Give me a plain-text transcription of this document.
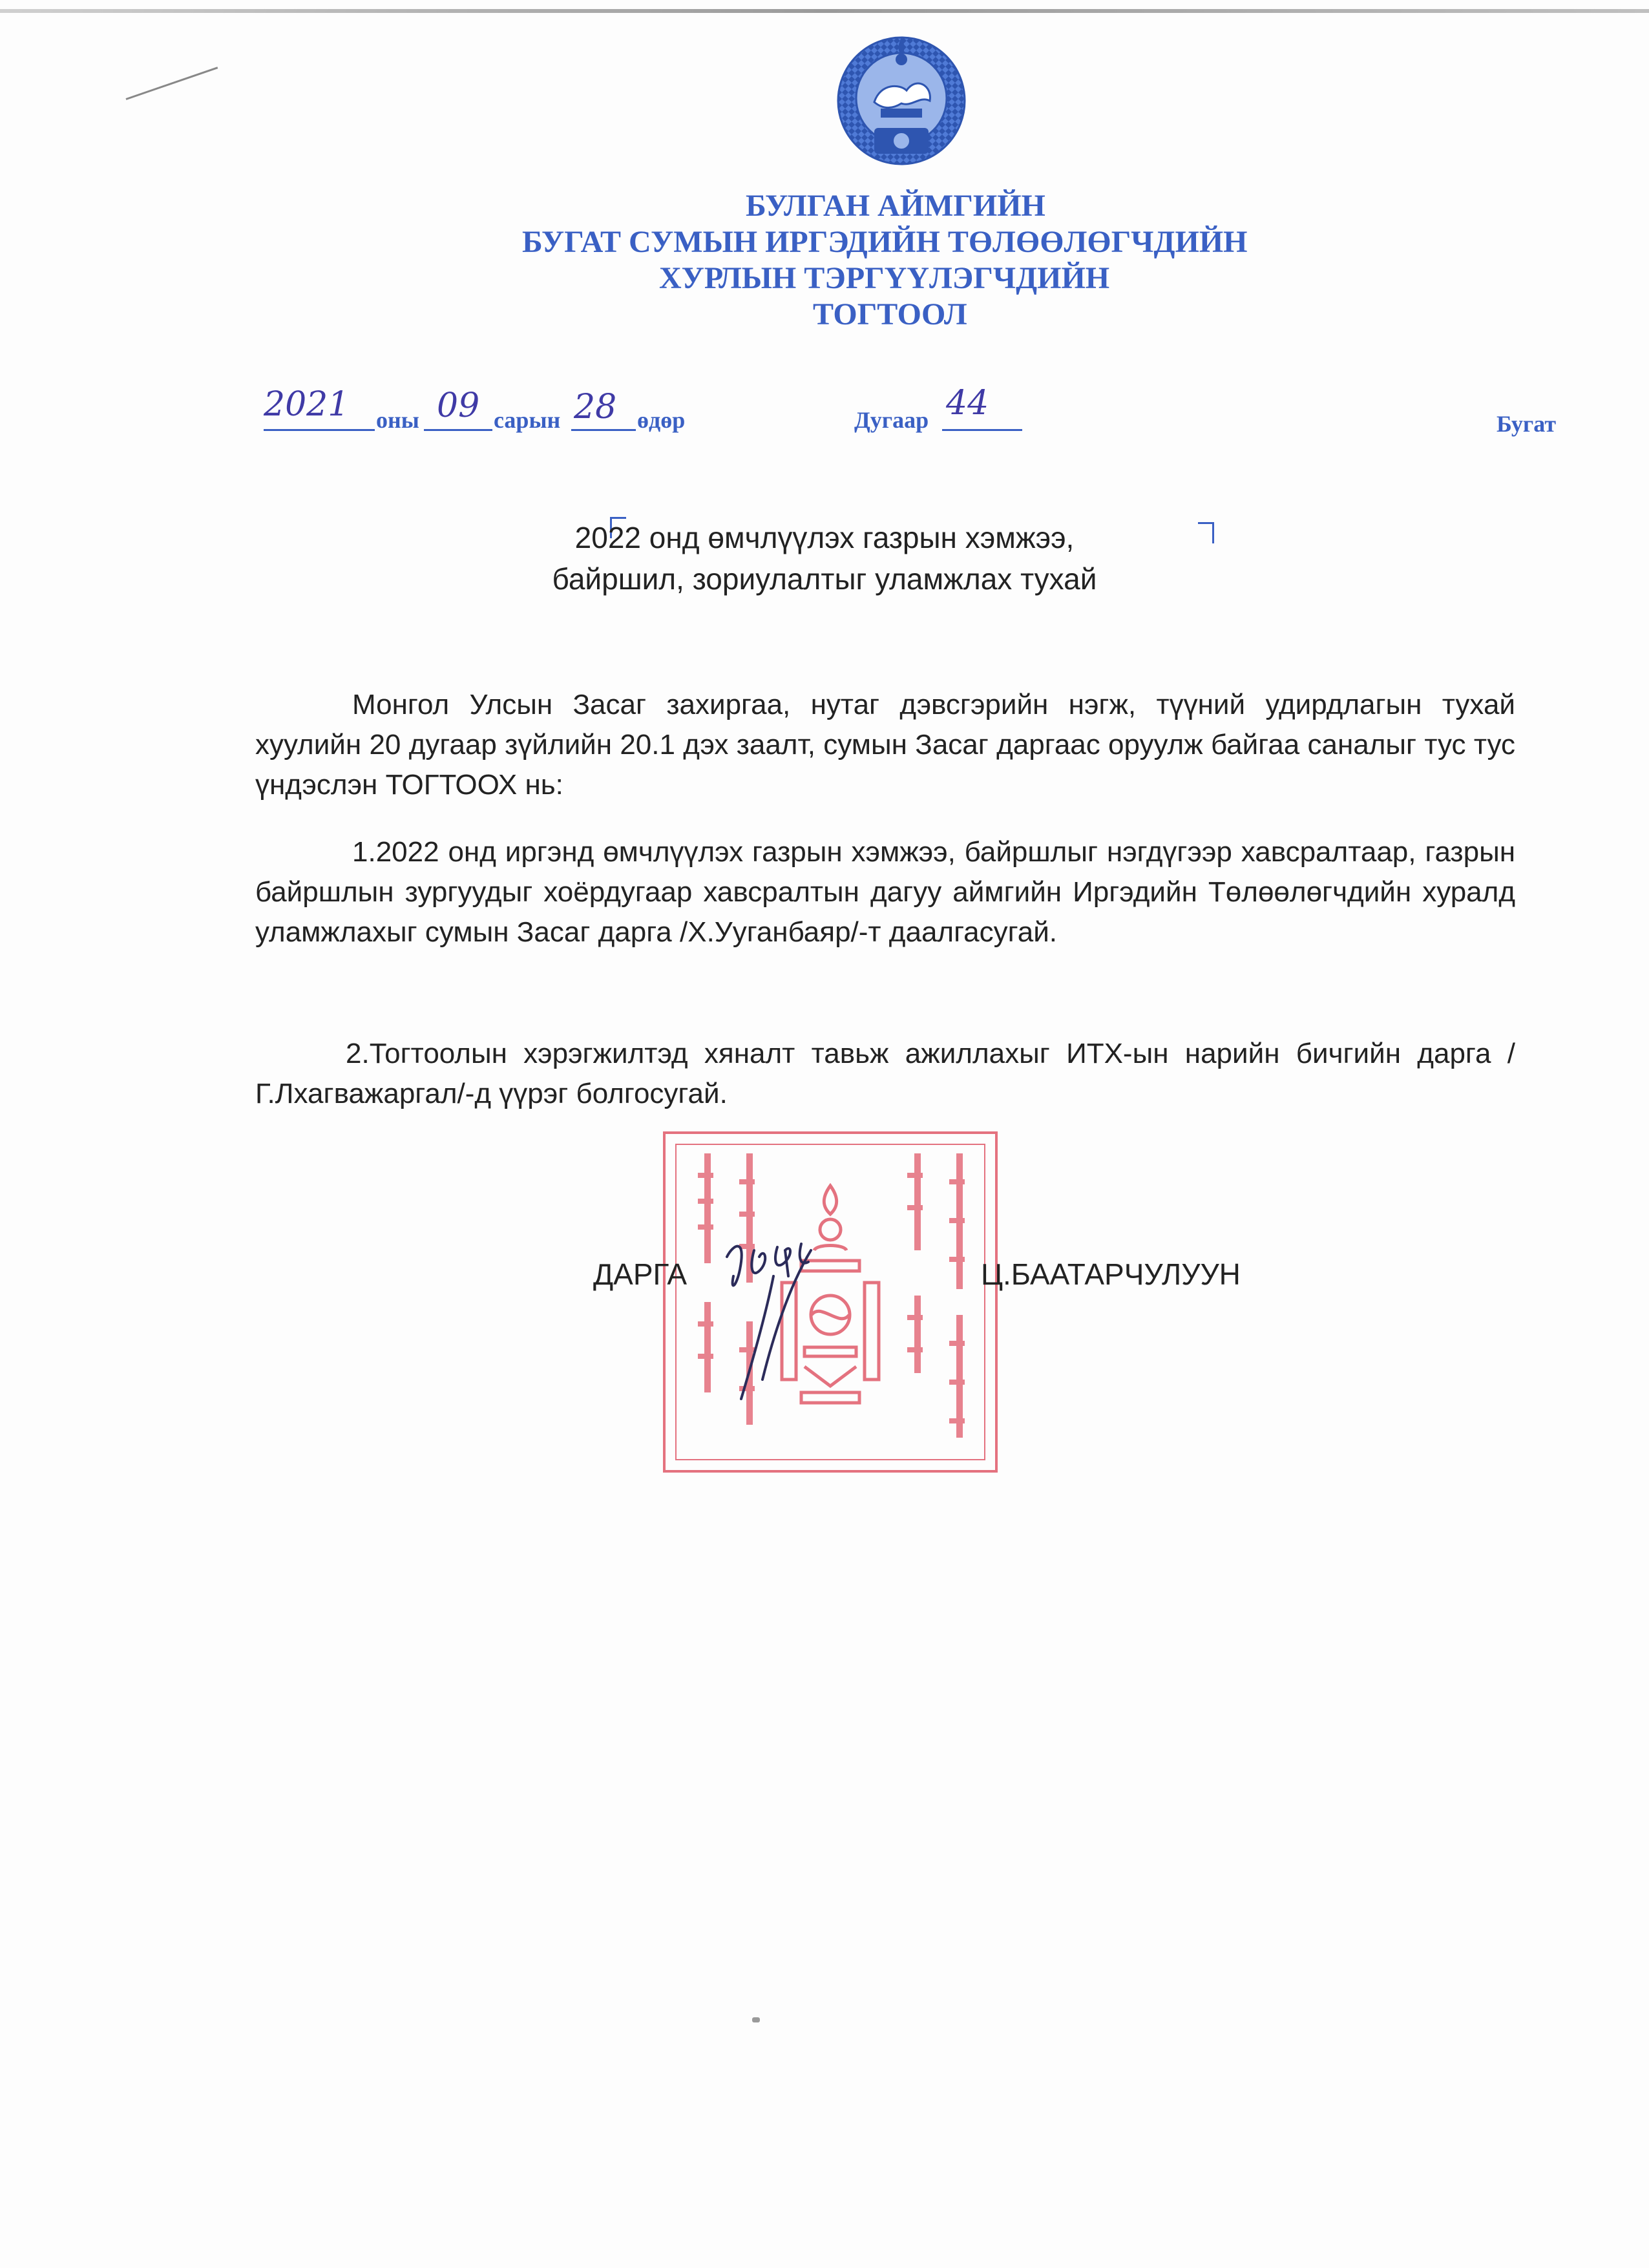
БУЛГАН АЙМГИЙН
БУГАТ СУМЫН ИРГЭДИЙН ТӨЛӨӨЛӨГЧДИЙН
ХУРЛЫН ТЭРГҮҮЛЭГЧДИЙН
ТОГТООЛ
2021 оны 09 сарын 28 өдөр	Дугаар 44
Бугат
2022 онд өмчлүүлэх газрын хэмжээ,
байршил, зориулалтыг уламжлах тухай
Монгол Улсын Засаг захиргаа, нутаг дэвсгэрийн нэгж, түүний удирдлагын тухай хуулийн 20 дугаар зүйлийн 20.1 дэх заалт, сумын Засаг даргаас оруулж байгаа саналыг тус тус үндэслэн ТОГТООХ нь:
1.2022 онд иргэнд өмчлүүлэх газрын хэмжээ, байршлыг нэгдүгээр хавсралтаар, газрын байршлын зургуудыг хоёрдугаар хавсралтын дагуу аймгийн Иргэдийн Төлөөлөгчдийн хуралд уламжлахыг сумын Засаг дарга /Х.Ууганбаяр/-т даалгасугай.
2.Тогтоолын хэрэгжилтэд хяналт тавьж ажиллахыг ИТХ-ын нарийн бичгийн дарга /Г.Лхагважаргал/-д үүрэг болгосугай.
ДАРГА	Ц.БААТАРЧУЛУУН
